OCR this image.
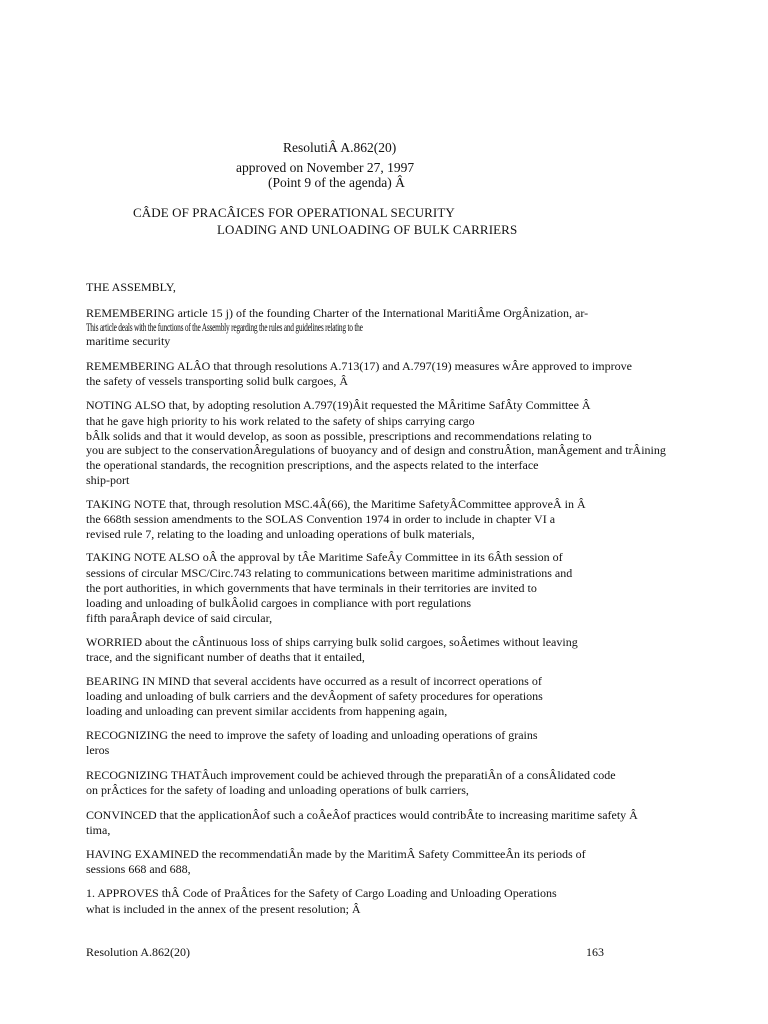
ResolutiÂ A.862(20)
approved on November 27, 1997
(Point 9 of the agenda) Â
CÂDE OF PRACÂICES FOR OPERATIONAL SECURITY
LOADING AND UNLOADING OF BULK CARRIERS
THE ASSEMBLY,
REMEMBERING article 15 j) of the founding Charter of the International MaritiÂme OrgÂnization, ar-
This article deals with the functions of the Assembly regarding the rules and guidelines relating to the
maritime security
REMEMBERING ALÂO that through resolutions A.713(17) and A.797(19) measures wÂre approved to improve
the safety of vessels transporting solid bulk cargoes, Â
NOTING ALSO that, by adopting resolution A.797(19)Âit requested the MÂritime SafÂty Committee Â
that he gave high priority to his work related to the safety of ships carrying cargo
bÂlk solids and that it would develop, as soon as possible, prescriptions and recommendations relating to
you are subject to the conservationÂregulations of buoyancy and of design and construÂtion, manÂgement and trÂining
the operational standards, the recognition prescriptions, and the aspects related to the interface
ship-port
TAKING NOTE that, through resolution MSC.4Â(66), the Maritime SafetyÂCommittee approveÂ in Â
the 668th session amendments to the SOLAS Convention 1974 in order to include in chapter VI a
revised rule 7, relating to the loading and unloading operations of bulk materials,
TAKING NOTE ALSO oÂ the approval by tÂe Maritime SafeÂy Committee in its 6Âth session of
sessions of circular MSC/Circ.743 relating to communications between maritime administrations and
the port authorities, in which governments that have terminals in their territories are invited to
loading and unloading of bulkÂolid cargoes in compliance with port regulations
fifth paraÂraph device of said circular,
WORRIED about the cÂntinuous loss of ships carrying bulk solid cargoes, soÂetimes without leaving
trace, and the significant number of deaths that it entailed,
BEARING IN MIND that several accidents have occurred as a result of incorrect operations of
loading and unloading of bulk carriers and the devÂopment of safety procedures for operations
loading and unloading can prevent similar accidents from happening again,
RECOGNIZING the need to improve the safety of loading and unloading operations of grains
leros
RECOGNIZING THATÂuch improvement could be achieved through the preparatiÂn of a consÂlidated code
on prÂctices for the safety of loading and unloading operations of bulk carriers,
CONVINCED that the applicationÂof such a coÂeÂof practices would contribÂte to increasing maritime safety Â
tima,
HAVING EXAMINED the recommendatiÂn made by the MaritimÂ Safety CommitteeÂn its periods of
sessions 668 and 688,
1. APPROVES thÂ Code of PraÂtices for the Safety of Cargo Loading and Unloading Operations
what is included in the annex of the present resolution; Â
Resolution A.862(20)	163
